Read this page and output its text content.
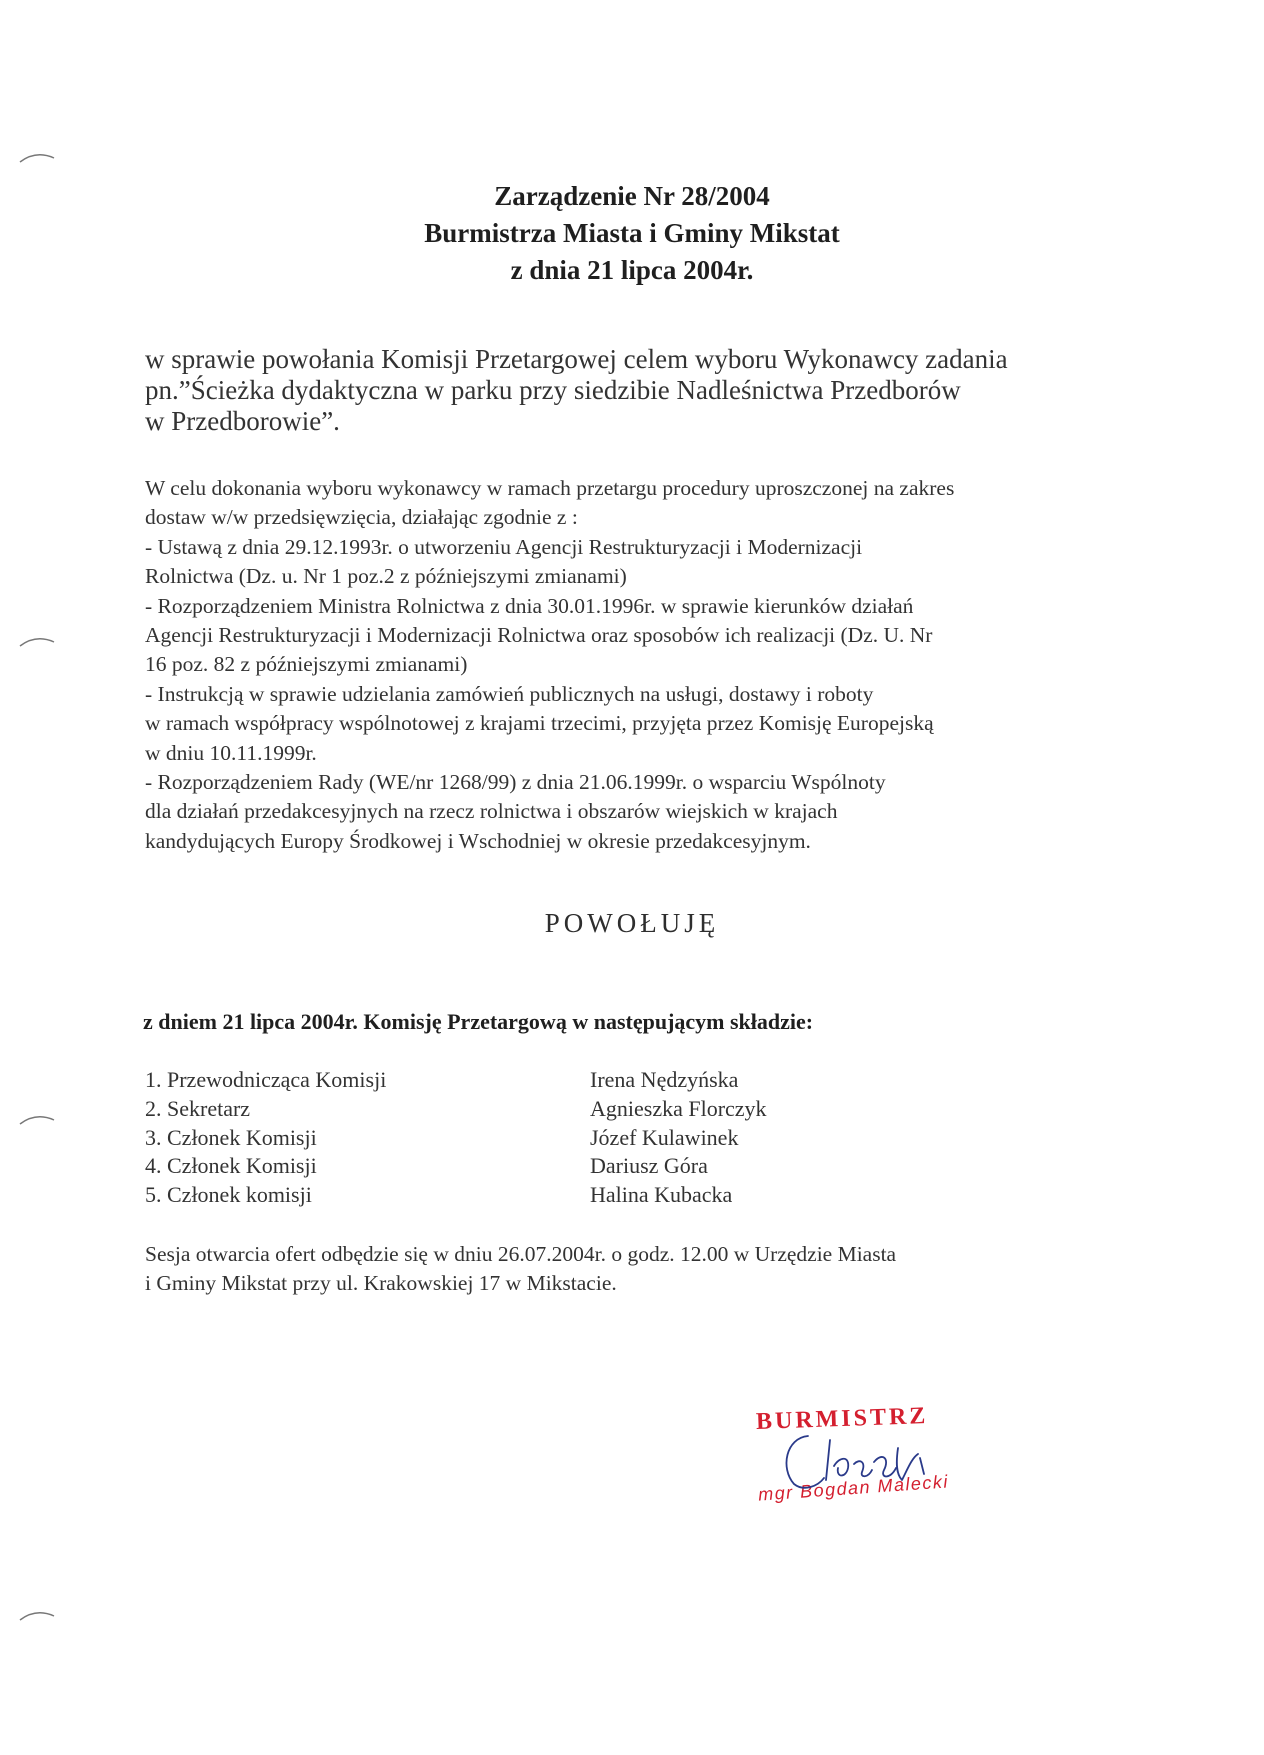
Zarządzenie Nr 28/2004
Burmistrza Miasta i Gminy Mikstat
z dnia 21 lipca 2004r.
w sprawie powołania Komisji Przetargowej celem wyboru Wykonawcy zadania
pn.”Ścieżka dydaktyczna w parku przy siedzibie Nadleśnictwa Przedborów
w Przedborowie”.
W celu dokonania wyboru wykonawcy w ramach przetargu procedury uproszczonej na zakres
dostaw w/w przedsięwzięcia, działając zgodnie z :
- Ustawą z dnia 29.12.1993r. o utworzeniu Agencji Restrukturyzacji i Modernizacji
Rolnictwa (Dz. u. Nr 1 poz.2 z późniejszymi zmianami)
- Rozporządzeniem Ministra Rolnictwa z dnia 30.01.1996r. w sprawie kierunków działań
Agencji Restrukturyzacji i Modernizacji Rolnictwa oraz sposobów ich realizacji (Dz. U. Nr
16 poz. 82 z późniejszymi zmianami)
- Instrukcją w sprawie udzielania zamówień publicznych na usługi, dostawy i roboty
w ramach współpracy wspólnotowej z krajami trzecimi, przyjęta przez Komisję Europejską
w dniu 10.11.1999r.
- Rozporządzeniem Rady (WE/nr 1268/99) z dnia 21.06.1999r. o wsparciu Wspólnoty
dla działań przedakcesyjnych na rzecz rolnictwa i obszarów wiejskich w krajach
kandydujących Europy Środkowej i Wschodniej w okresie przedakcesyjnym.
POWOŁUJĘ
z dniem 21 lipca 2004r. Komisję Przetargową w następującym składzie:
1. Przewodnicząca Komisji	Irena Nędzyńska
2. Sekretarz	Agnieszka Florczyk
3. Członek Komisji	Józef Kulawinek
4. Członek Komisji	Dariusz Góra
5. Członek komisji	Halina Kubacka
Sesja otwarcia ofert odbędzie się w dniu 26.07.2004r. o godz. 12.00 w Urzędzie Miasta
i Gminy Mikstat przy ul. Krakowskiej 17 w Mikstacie.
BURMISTRZ
mgr Bogdan Malecki
